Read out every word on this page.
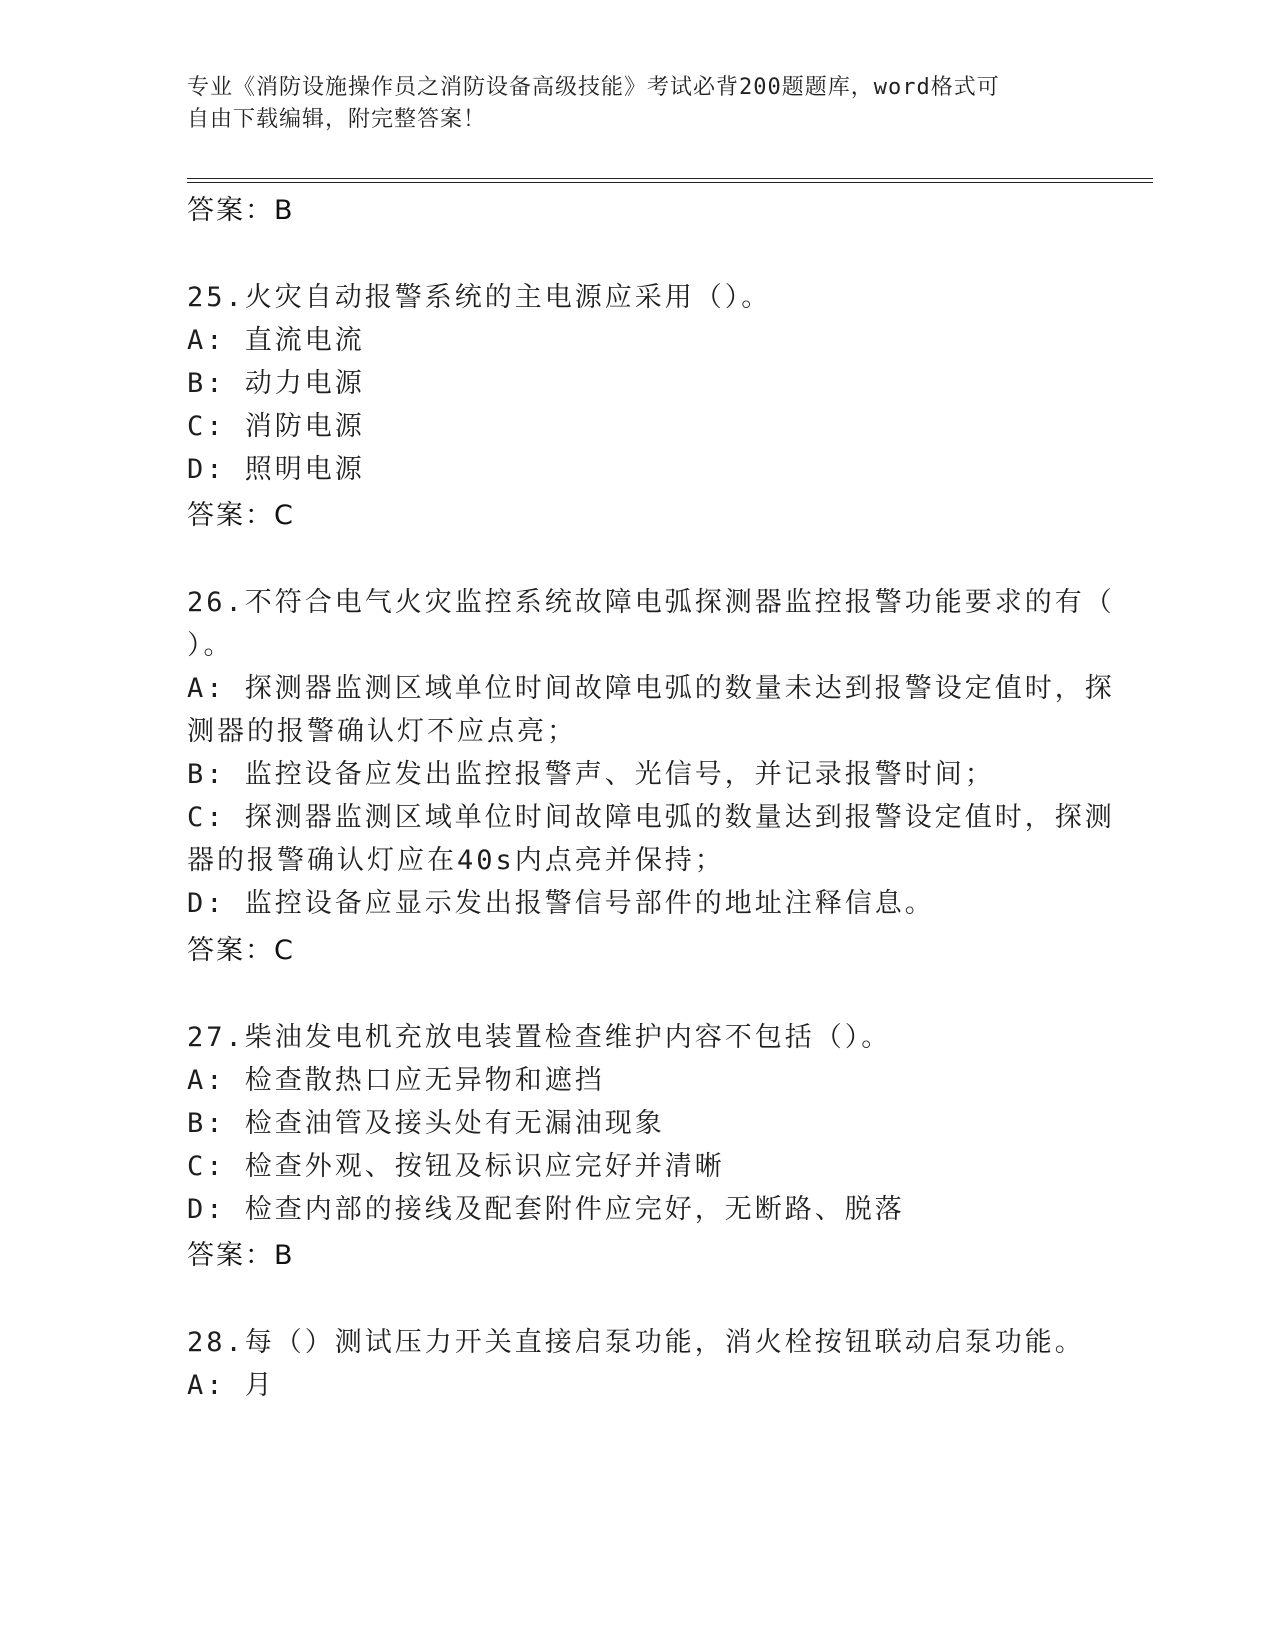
专业《消防设施操作员之消防设备高级技能》考试必背200题题库，word格式可
自由下载编辑，附完整答案！
答案：B
25.火灾自动报警系统的主电源应采用（）。
A: 直流电流
B: 动力电源
C: 消防电源
D: 照明电源
答案：C
26.不符合电气火灾监控系统故障电弧探测器监控报警功能要求的有（
）。
A: 探测器监测区域单位时间故障电弧的数量未达到报警设定值时，探
测器的报警确认灯不应点亮；
B: 监控设备应发出监控报警声、光信号，并记录报警时间；
C: 探测器监测区域单位时间故障电弧的数量达到报警设定值时，探测
器的报警确认灯应在40s内点亮并保持；
D: 监控设备应显示发出报警信号部件的地址注释信息。
答案：C
27.柴油发电机充放电装置检查维护内容不包括（）。
A: 检查散热口应无异物和遮挡
B: 检查油管及接头处有无漏油现象
C: 检查外观、按钮及标识应完好并清晰
D: 检查内部的接线及配套附件应完好，无断路、脱落
答案：B
28.每（）测试压力开关直接启泵功能，消火栓按钮联动启泵功能。
A: 月
